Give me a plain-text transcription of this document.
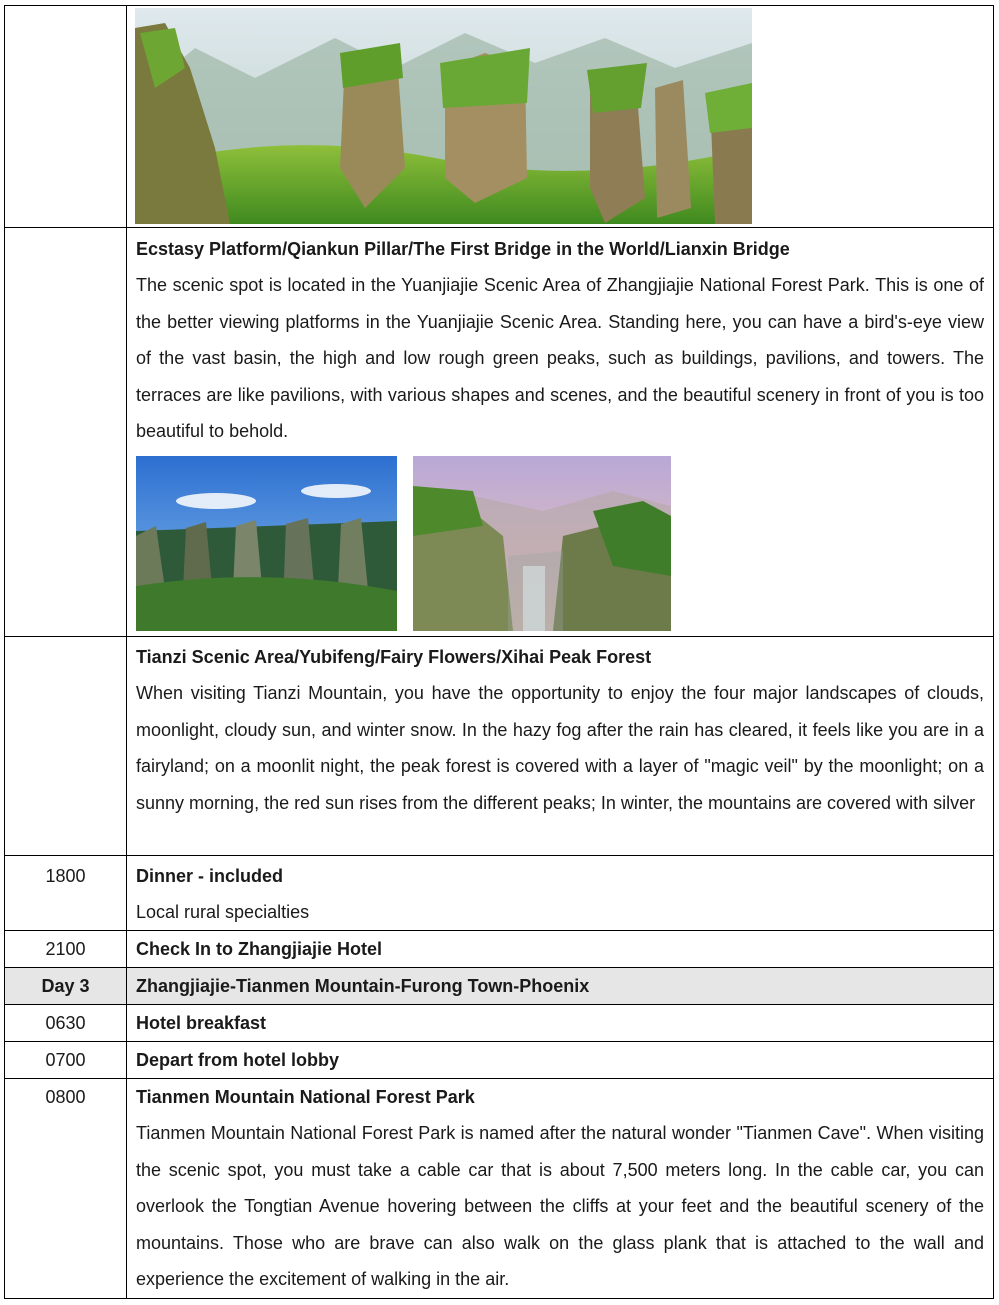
	Ecstasy Platform/Qiankun Pillar/The First Bridge in the World/Lianxin Bridge
The scenic spot is located in the Yuanjiajie Scenic Area of Zhangjiajie National Forest Park. This is one of the better viewing platforms in the Yuanjiajie Scenic Area. Standing here, you can have a bird's-eye view of the vast basin, the high and low rough green peaks, such as buildings, pavilions, and towers. The terraces are like pavilions, with various shapes and scenes, and the beautiful scenery in front of you is too beautiful to behold.

	Tianzi Scenic Area/Yubifeng/Fairy Flowers/Xihai Peak Forest
When visiting Tianzi Mountain, you have the opportunity to enjoy the four major landscapes of clouds, moonlight, cloudy sun, and winter snow. In the hazy fog after the rain has cleared, it feels like you are in a fairyland; on a moonlit night, the peak forest is covered with a layer of "magic veil" by the moonlight; on a sunny morning, the red sun rises from the different peaks; In winter, the mountains are covered with silver

1800	Dinner - included
Local rural specialties

2100	Check In to Zhangjiajie Hotel

Day 3	Zhangjiajie-Tianmen Mountain-Furong Town-Phoenix

0630	Hotel breakfast

0700	Depart from hotel lobby

0800	Tianmen Mountain National Forest Park
Tianmen Mountain National Forest Park is named after the natural wonder "Tianmen Cave". When visiting the scenic spot, you must take a cable car that is about 7,500 meters long. In the cable car, you can overlook the Tongtian Avenue hovering between the cliffs at your feet and the beautiful scenery of the mountains. Those who are brave can also walk on the glass plank that is attached to the wall and experience the excitement of walking in the air.
